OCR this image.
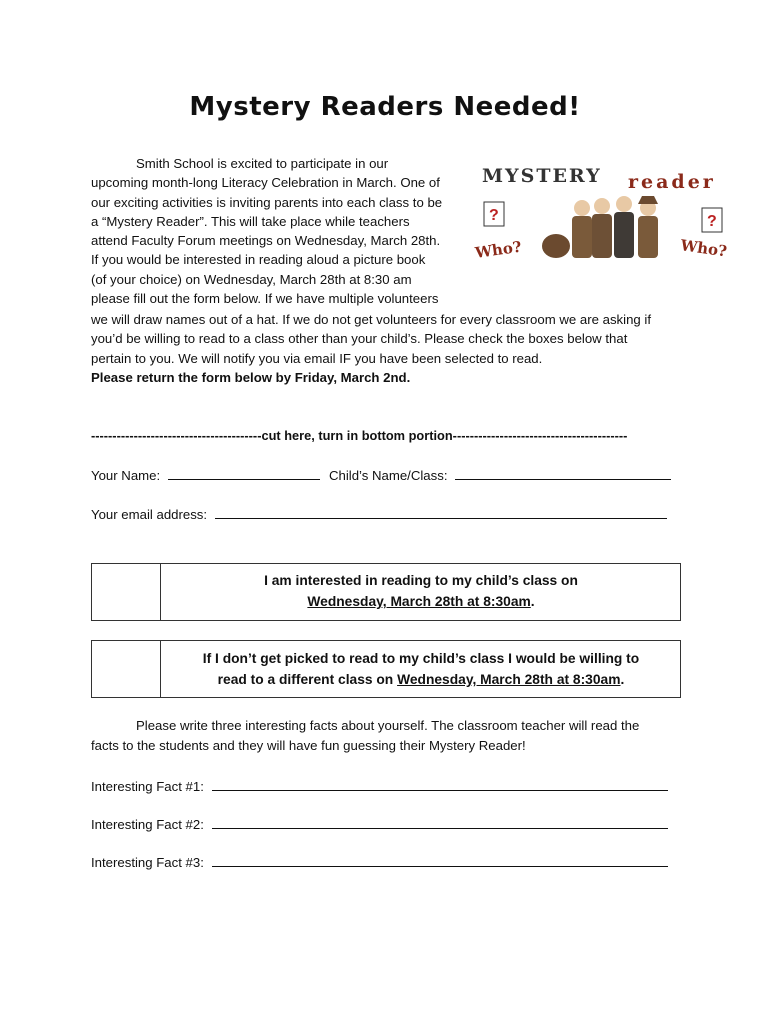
Mystery Readers Needed!
MYSTERY reader
?	?
Who?	Who?
Smith School is excited to participate in our
upcoming month-long Literacy Celebration in March. One of
our exciting activities is inviting parents into each class to be
a “Mystery Reader”. This will take place while teachers
attend Faculty Forum meetings on Wednesday, March 28th.
If you would be interested in reading aloud a picture book
(of your choice) on Wednesday, March 28th at 8:30 am
please fill out the form below. If we have multiple volunteers
we will draw names out of a hat. If we do not get volunteers for every classroom we are asking if
you’d be willing to read to a class other than your child’s. Please check the boxes below that
pertain to you. We will notify you via email IF you have been selected to read.
Please return the form below by Friday, March 2nd.
----------------------------------------cut here, turn in bottom portion-----------------------------------------
Your Name:	Child’s Name/Class:
Your email address:
I am interested in reading to my child’s class on
Wednesday, March 28th at 8:30am.
If I don’t get picked to read to my child’s class I would be willing to
read to a different class on Wednesday, March 28th at 8:30am.
Please write three interesting facts about yourself. The classroom teacher will read the
facts to the students and they will have fun guessing their Mystery Reader!
Interesting Fact #1:
Interesting Fact #2:
Interesting Fact #3:
